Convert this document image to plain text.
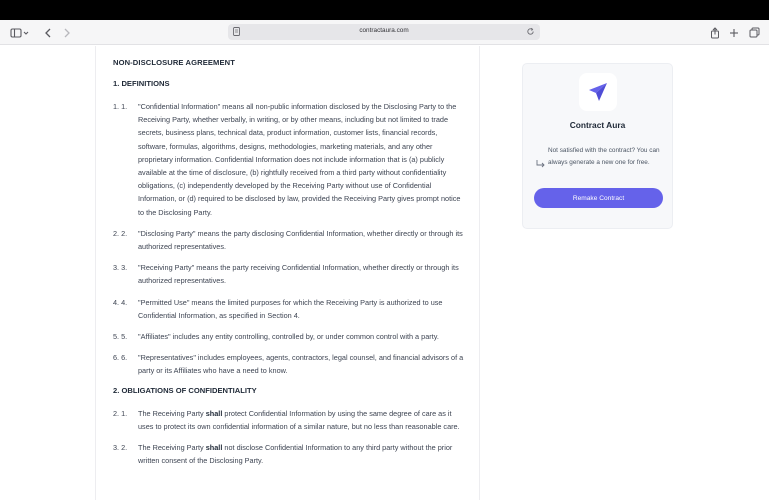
contractaura.com
NON-DISCLOSURE AGREEMENT
1. DEFINITIONS
1. 1.	"Confidential Information" means all non-public information disclosed by the Disclosing Party to the Receiving Party, whether verbally, in writing, or by other means, including but not limited to trade secrets, business plans, technical data, product information, customer lists, financial records, software, formulas, algorithms, designs, methodologies, marketing materials, and any other proprietary information. Confidential Information does not include information that is (a) publicly available at the time of disclosure, (b) rightfully received from a third party without confidentiality obligations, (c) independently developed by the Receiving Party without use of Confidential Information, or (d) required to be disclosed by law, provided the Receiving Party gives prompt notice to the Disclosing Party.
2. 2.	"Disclosing Party" means the party disclosing Confidential Information, whether directly or through its authorized representatives.
3. 3.	"Receiving Party" means the party receiving Confidential Information, whether directly or through its authorized representatives.
4. 4.	"Permitted Use" means the limited purposes for which the Receiving Party is authorized to use Confidential Information, as specified in Section 4.
5. 5.	"Affiliates" includes any entity controlling, controlled by, or under common control with a party.
6. 6.	"Representatives" includes employees, agents, contractors, legal counsel, and financial advisors of a party or its Affiliates who have a need to know.
2. OBLIGATIONS OF CONFIDENTIALITY
2. 1.	The Receiving Party shall protect Confidential Information by using the same degree of care as it uses to protect its own confidential information of a similar nature, but no less than reasonable care.
3. 2.	The Receiving Party shall not disclose Confidential Information to any third party without the prior written consent of the Disclosing Party.
Contract Aura
Not satisfied with the contract? You can always generate a new one for free.
Remake Contract
